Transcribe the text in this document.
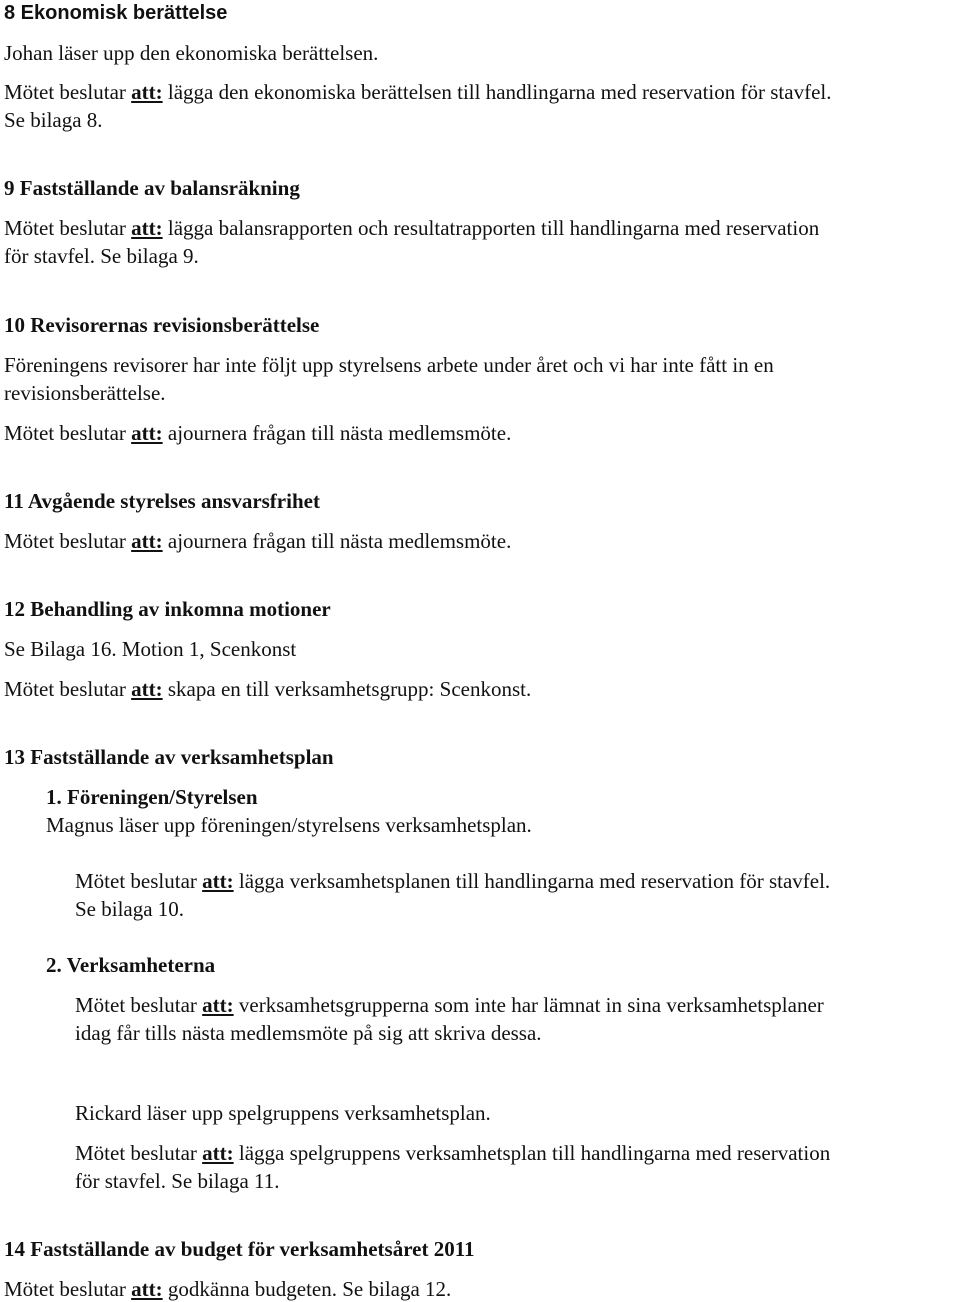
8 Ekonomisk berättelse
Johan läser upp den ekonomiska berättelsen.
Mötet beslutar att: lägga den ekonomiska berättelsen till handlingarna med reservation för stavfel.
Se bilaga 8.
9 Fastställande av balansräkning
Mötet beslutar att: lägga balansrapporten och resultatrapporten till handlingarna med reservation
för stavfel. Se bilaga 9.
10 Revisorernas revisionsberättelse
Föreningens revisorer har inte följt upp styrelsens arbete under året och vi har inte fått in en
revisionsberättelse.
Mötet beslutar att: ajournera frågan till nästa medlemsmöte.
11 Avgående styrelses ansvarsfrihet
Mötet beslutar att: ajournera frågan till nästa medlemsmöte.
12 Behandling av inkomna motioner
Se Bilaga 16. Motion 1, Scenkonst
Mötet beslutar att: skapa en till verksamhetsgrupp: Scenkonst.
13 Fastställande av verksamhetsplan
1. Föreningen/Styrelsen
Magnus läser upp föreningen/styrelsens verksamhetsplan.
Mötet beslutar att: lägga verksamhetsplanen till handlingarna med reservation för stavfel.
Se bilaga 10.
2. Verksamheterna
Mötet beslutar att: verksamhetsgrupperna som inte har lämnat in sina verksamhetsplaner
idag får tills nästa medlemsmöte på sig att skriva dessa.
Rickard läser upp spelgruppens verksamhetsplan.
Mötet beslutar att: lägga spelgruppens verksamhetsplan till handlingarna med reservation
för stavfel. Se bilaga 11.
14 Fastställande av budget för verksamhetsåret 2011
Mötet beslutar att: godkänna budgeten. Se bilaga 12.
